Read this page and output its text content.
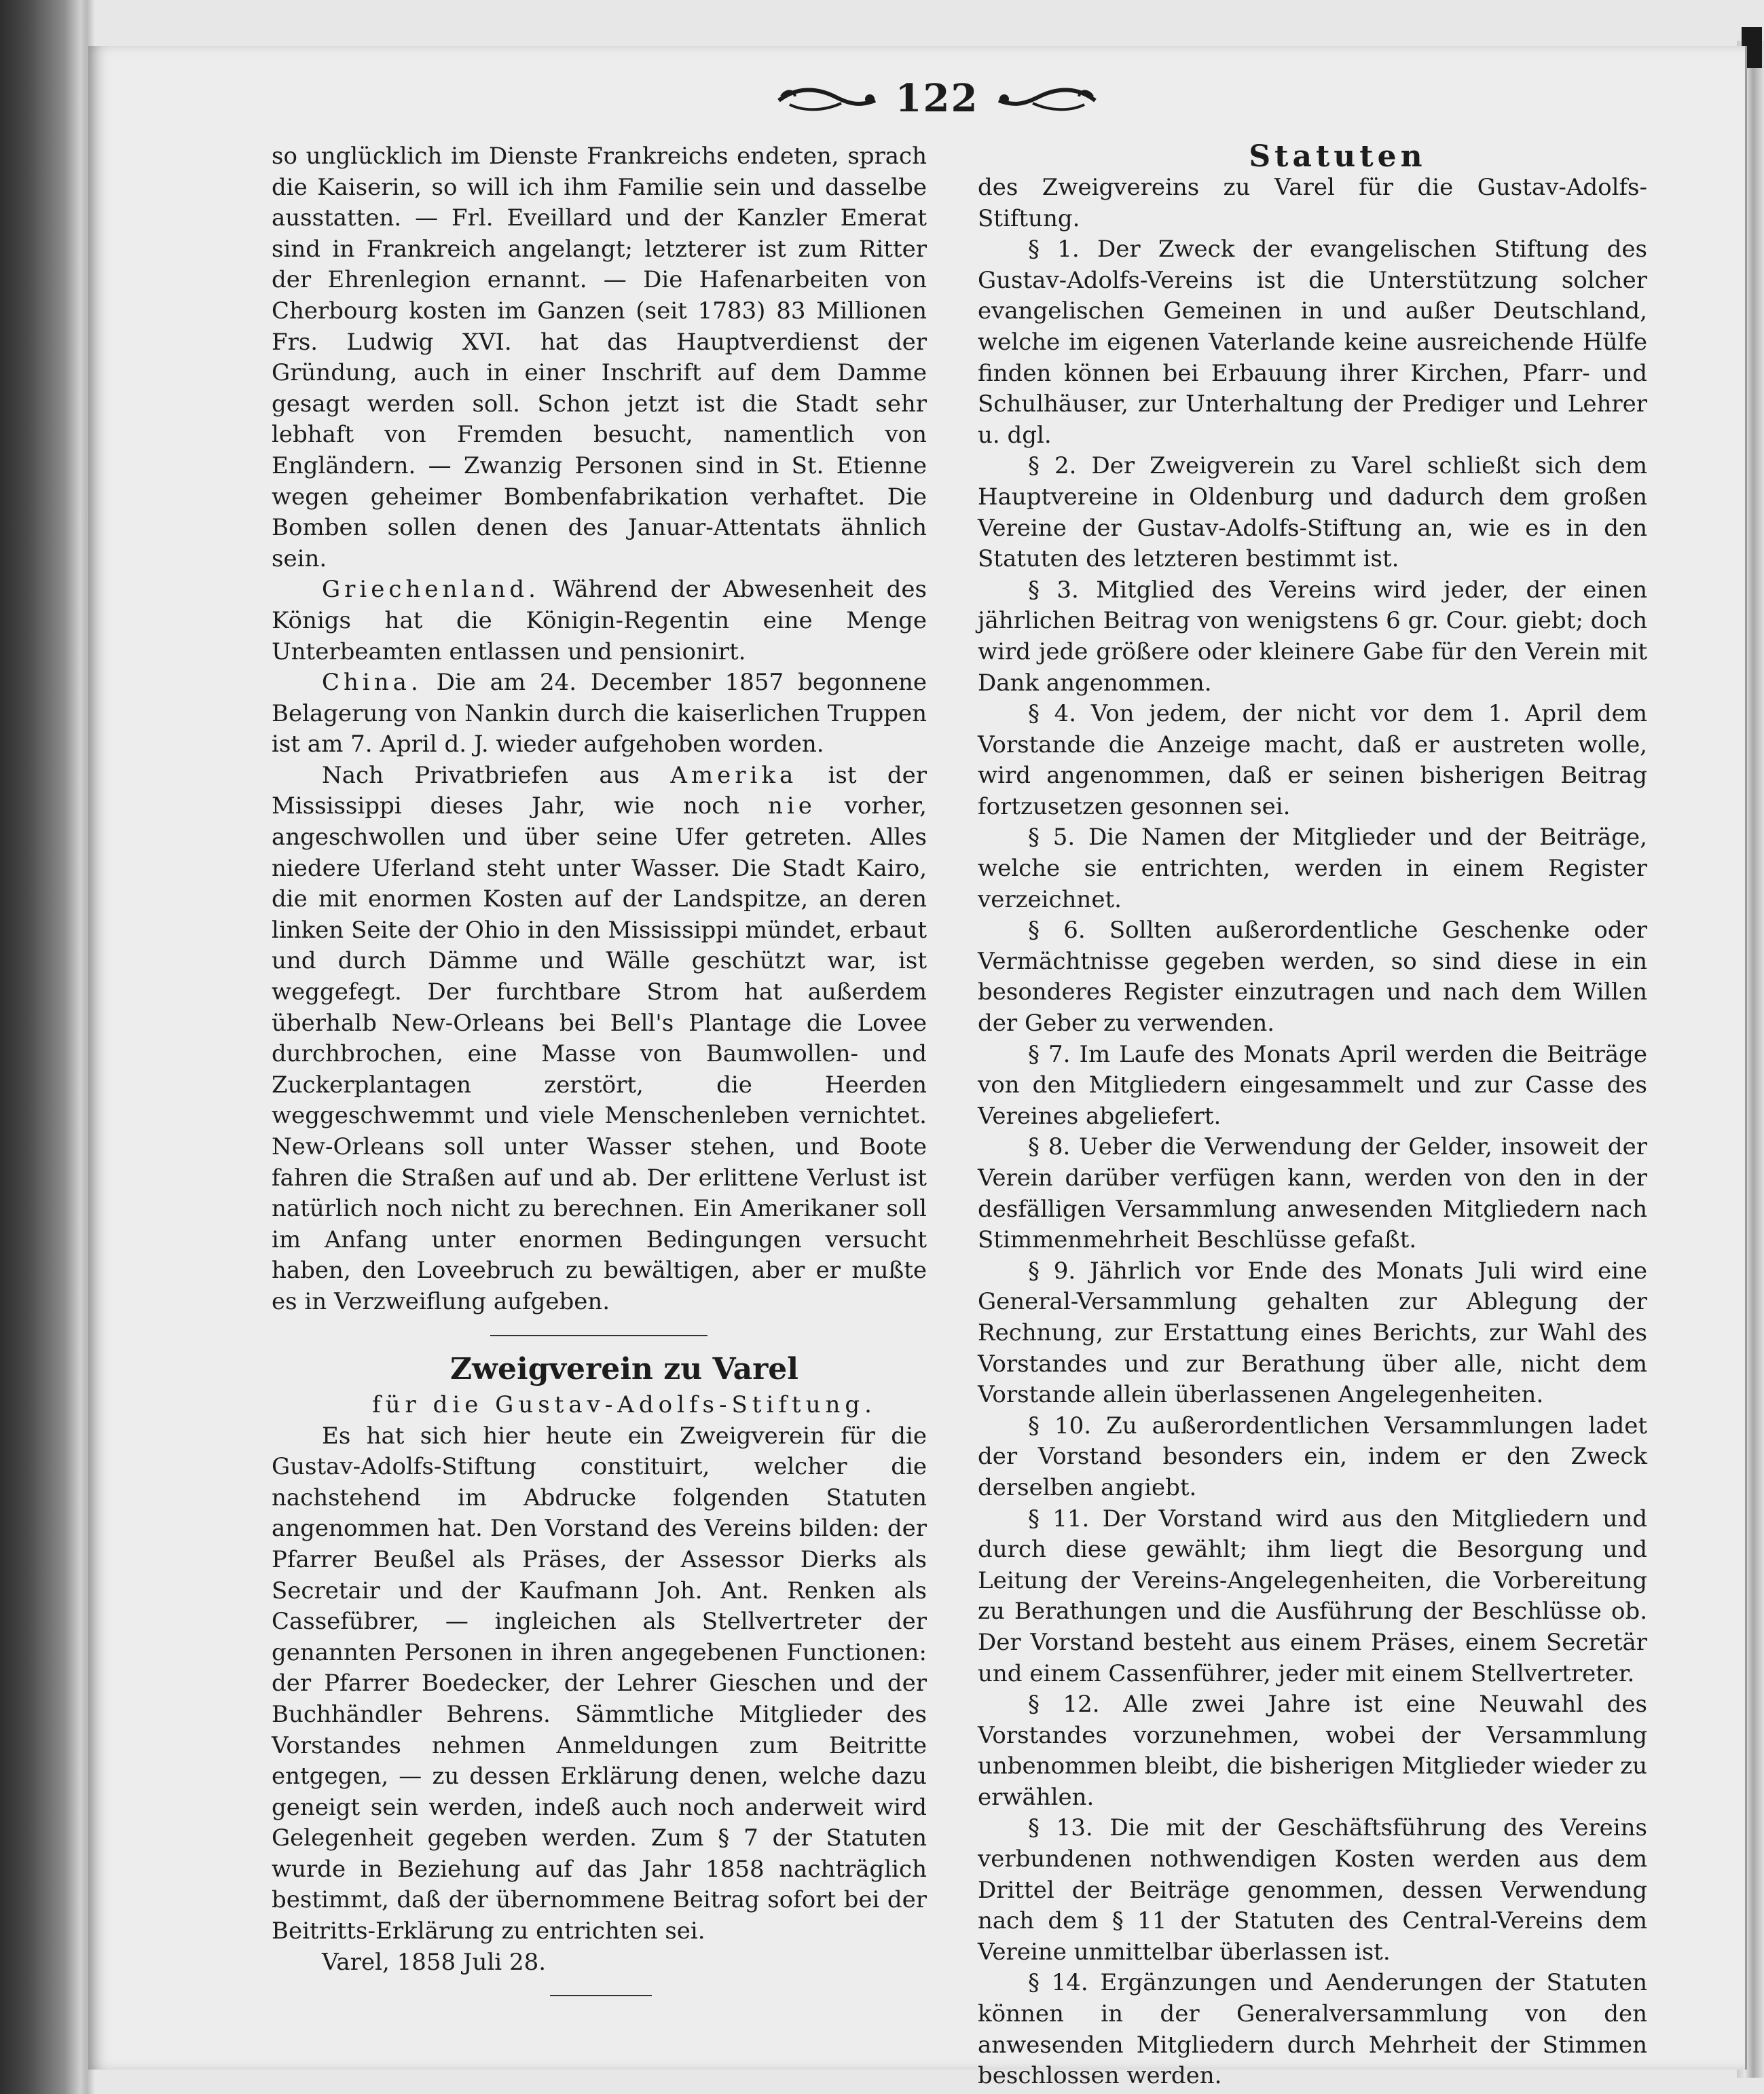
122

so unglücklich im Dienste Frankreichs endeten, sprach die Kaiserin, so will ich ihm Familie sein und dasselbe ausstatten. — Frl. Eveillard und der Kanzler Emerat sind in Frankreich angelangt; letzterer ist zum Ritter der Ehrenlegion ernannt. — Die Hafenarbeiten von Cherbourg kosten im Ganzen (seit 1783) 83 Millionen Frs. Ludwig XVI. hat das Hauptverdienst der Gründung, auch in einer Inschrift auf dem Damme gesagt werden soll. Schon jetzt ist die Stadt sehr lebhaft von Fremden besucht, namentlich von Engländern. — Zwanzig Personen sind in St. Etienne wegen geheimer Bombenfabrikation verhaftet. Die Bomben sollen denen des Januar-Attentats ähnlich sein.

Griechenland. Während der Abwesenheit des Königs hat die Königin-Regentin eine Menge Unterbeamten entlassen und pensionirt.

China. Die am 24. December 1857 begonnene Belagerung von Nankin durch die kaiserlichen Truppen ist am 7. April d. J. wieder aufgehoben worden.

Nach Privatbriefen aus Amerika ist der Mississippi dieses Jahr, wie noch nie vorher, angeschwollen und über seine Ufer getreten. Alles niedere Uferland steht unter Wasser. Die Stadt Kairo, die mit enormen Kosten auf der Landspitze, an deren linken Seite der Ohio in den Mississippi mündet, erbaut und durch Dämme und Wälle geschützt war, ist weggefegt. Der furchtbare Strom hat außerdem überhalb New-Orleans bei Bell's Plantage die Lovee durchbrochen, eine Masse von Baumwollen- und Zuckerplantagen zerstört, die Heerden weggeschwemmt und viele Menschenleben vernichtet. New-Orleans soll unter Wasser stehen, und Boote fahren die Straßen auf und ab. Der erlittene Verlust ist natürlich noch nicht zu berechnen. Ein Amerikaner soll im Anfang unter enormen Bedingungen versucht haben, den Loveebruch zu bewältigen, aber er mußte es in Verzweiflung aufgeben.

Zweigverein zu Varel

für die Gustav-Adolfs-Stiftung.

Es hat sich hier heute ein Zweigverein für die Gustav-Adolfs-Stiftung constituirt, welcher die nachstehend im Abdrucke folgenden Statuten angenommen hat. Den Vorstand des Vereins bilden: der Pfarrer Beußel als Präses, der Assessor Dierks als Secretair und der Kaufmann Joh. Ant. Renken als Cassefübrer, — ingleichen als Stellvertreter der genannten Personen in ihren angegebenen Functionen: der Pfarrer Boedecker, der Lehrer Gieschen und der Buchhändler Behrens. Sämmtliche Mitglieder des Vorstandes nehmen Anmeldungen zum Beitritte entgegen, — zu dessen Erklärung denen, welche dazu geneigt sein werden, indeß auch noch anderweit wird Gelegenheit gegeben werden. Zum § 7 der Statuten wurde in Beziehung auf das Jahr 1858 nachträglich bestimmt, daß der übernommene Beitrag sofort bei der Beitritts-Erklärung zu entrichten sei.

Varel, 1858 Juli 28.

Statuten

des Zweigvereins zu Varel für die Gustav-Adolfs-Stiftung.

§ 1. Der Zweck der evangelischen Stiftung des Gustav-Adolfs-Vereins ist die Unterstützung solcher evangelischen Gemeinen in und außer Deutschland, welche im eigenen Vaterlande keine ausreichende Hülfe finden können bei Erbauung ihrer Kirchen, Pfarr- und Schulhäuser, zur Unterhaltung der Prediger und Lehrer u. dgl.

§ 2. Der Zweigverein zu Varel schließt sich dem Hauptvereine in Oldenburg und dadurch dem großen Vereine der Gustav-Adolfs-Stiftung an, wie es in den Statuten des letzteren bestimmt ist.

§ 3. Mitglied des Vereins wird jeder, der einen jährlichen Beitrag von wenigstens 6 gr. Cour. giebt; doch wird jede größere oder kleinere Gabe für den Verein mit Dank angenommen.

§ 4. Von jedem, der nicht vor dem 1. April dem Vorstande die Anzeige macht, daß er austreten wolle, wird angenommen, daß er seinen bisherigen Beitrag fortzusetzen gesonnen sei.

§ 5. Die Namen der Mitglieder und der Beiträge, welche sie entrichten, werden in einem Register verzeichnet.

§ 6. Sollten außerordentliche Geschenke oder Vermächtnisse gegeben werden, so sind diese in ein besonderes Register einzutragen und nach dem Willen der Geber zu verwenden.

§ 7. Im Laufe des Monats April werden die Beiträge von den Mitgliedern eingesammelt und zur Casse des Vereines abgeliefert.

§ 8. Ueber die Verwendung der Gelder, insoweit der Verein darüber verfügen kann, werden von den in der desfälligen Versammlung anwesenden Mitgliedern nach Stimmenmehrheit Beschlüsse gefaßt.

§ 9. Jährlich vor Ende des Monats Juli wird eine General-Versammlung gehalten zur Ablegung der Rechnung, zur Erstattung eines Berichts, zur Wahl des Vorstandes und zur Berathung über alle, nicht dem Vorstande allein überlassenen Angelegenheiten.

§ 10. Zu außerordentlichen Versammlungen ladet der Vorstand besonders ein, indem er den Zweck derselben angiebt.

§ 11. Der Vorstand wird aus den Mitgliedern und durch diese gewählt; ihm liegt die Besorgung und Leitung der Vereins-Angelegenheiten, die Vorbereitung zu Berathungen und die Ausführung der Beschlüsse ob. Der Vorstand besteht aus einem Präses, einem Secretär und einem Cassenführer, jeder mit einem Stellvertreter.

§ 12. Alle zwei Jahre ist eine Neuwahl des Vorstandes vorzunehmen, wobei der Versammlung unbenommen bleibt, die bisherigen Mitglieder wieder zu erwählen.

§ 13. Die mit der Geschäftsführung des Vereins verbundenen nothwendigen Kosten werden aus dem Drittel der Beiträge genommen, dessen Verwendung nach dem § 11 der Statuten des Central-Vereins dem Vereine unmittelbar überlassen ist.

§ 14. Ergänzungen und Aenderungen der Statuten können in der Generalversammlung von den anwesenden Mitgliedern durch Mehrheit der Stimmen beschlossen werden.
